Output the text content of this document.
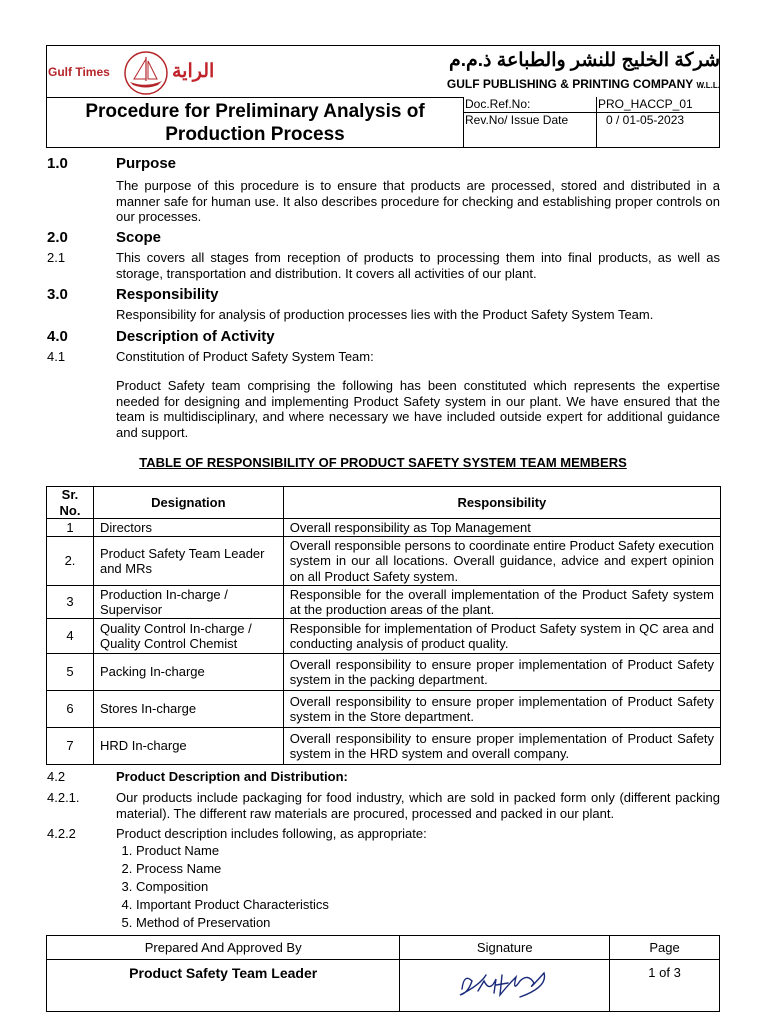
Gulf Times	الراية
شركة الخليج للنشر والطباعة ذ.م.م
GULF PUBLISHING & PRINTING COMPANY W.L.L.
Procedure for Preliminary Analysis of Production Process
Doc.Ref.No:	PRO_HACCP_01
Rev.No/ Issue Date	0 / 01-05-2023
1.0	Purpose
The purpose of this procedure is to ensure that products are processed, stored and distributed in a manner safe for human use. It also describes procedure for checking and establishing proper controls on our processes.
2.0	Scope
2.1	This covers all stages from reception of products to processing them into final products, as well as storage, transportation and distribution. It covers all activities of our plant.
3.0	Responsibility
Responsibility for analysis of production processes lies with the Product Safety System Team.
4.0	Description of Activity
4.1	Constitution of Product Safety System Team:
Product Safety team comprising the following has been constituted which represents the expertise needed for designing and implementing Product Safety system in our plant. We have ensured that the team is multidisciplinary, and where necessary we have included outside expert for additional guidance and support.
TABLE OF RESPONSIBILITY OF PRODUCT SAFETY SYSTEM TEAM MEMBERS
Sr. No.	Designation	Responsibility
1	Directors	Overall responsibility as Top Management
2.	Product Safety Team Leader and MRs	Overall responsible persons to coordinate entire Product Safety execution system in our all locations. Overall guidance, advice and expert opinion on all Product Safety system.
3	Production In-charge / Supervisor	Responsible for the overall implementation of the Product Safety system at the production areas of the plant.
4	Quality Control In-charge / Quality Control Chemist	Responsible for implementation of Product Safety system in QC area and conducting analysis of product quality.
5	Packing In-charge	Overall responsibility to ensure proper implementation of Product Safety system in the packing department.
6	Stores In-charge	Overall responsibility to ensure proper implementation of Product Safety system in the Store department.
7	HRD In-charge	Overall responsibility to ensure proper implementation of Product Safety system in the HRD system and overall company.
4.2	Product Description and Distribution:
4.2.1.	Our products include packaging for food industry, which are sold in packed form only (different packing material). The different raw materials are procured, processed and packed in our plant.
4.2.2	Product description includes following, as appropriate:
1. Product Name
2. Process Name
3. Composition
4. Important Product Characteristics
5. Method of Preservation
Prepared And Approved By	Signature	Page
Product Safety Team Leader		1 of 3
